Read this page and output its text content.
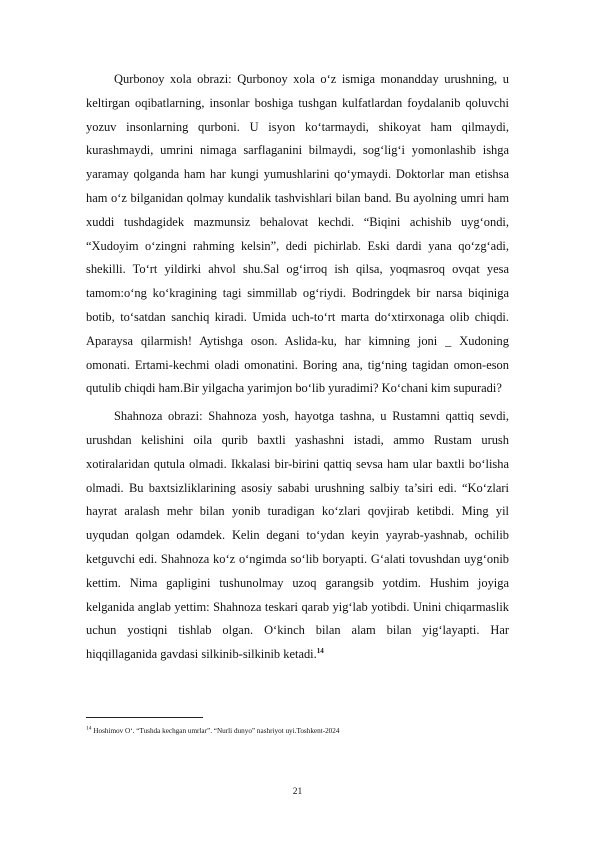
Qurbonoy xola obrazi: Qurbonoy xola o‘z ismiga monandday urushning, u keltirgan oqibatlarning, insonlar boshiga tushgan kulfatlardan foydalanib qoluvchi yozuv insonlarning qurboni. U isyon ko‘tarmaydi, shikoyat ham qilmaydi, kurashmaydi, umrini nimaga sarflaganini bilmaydi, sog‘lig‘i yomonlashib ishga yaramay qolganda ham har kungi yumushlarini qo‘ymaydi. Doktorlar man etishsa ham o‘z bilganidan qolmay kundalik tashvishlari bilan band. Bu ayolning umri ham xuddi tushdagidek mazmunsiz behalovat kechdi. “Biqini achishib uyg‘ondi, “Xudoyim o‘zingni rahming kelsin”, dedi pichirlab. Eski dardi yana qo‘zg‘adi, shekilli. To‘rt yildirki ahvol shu.Sal og‘irroq ish qilsa, yoqmasroq ovqat yesa tamom:o‘ng ko‘kragining tagi simmillab og‘riydi. Bodringdek bir narsa biqiniga botib, to‘satdan sanchiq kiradi. Umida uch-to‘rt marta do‘xtirxonaga olib chiqdi. Aparaysa qilarmish! Aytishga oson. Aslida-ku, har kimning joni _ Xudoning omonati. Ertami-kechmi oladi omonatini. Boring ana, tig‘ning tagidan omon-eson qutulib chiqdi ham.Bir yilgacha yarimjon bo‘lib yuradimi? Ko‘chani kim supuradi?

Shahnoza obrazi: Shahnoza yosh, hayotga tashna, u Rustamni qattiq sevdi, urushdan kelishini oila qurib baxtli yashashni istadi, ammo Rustam urush xotiralaridan qutula olmadi. Ikkalasi bir-birini qattiq sevsa ham ular baxtli bo‘lisha olmadi. Bu baxtsizliklarining asosiy sababi urushning salbiy ta’siri edi. “Ko‘zlari hayrat aralash mehr bilan yonib turadigan ko‘zlari qovjirab ketibdi. Ming yil uyqudan qolgan odamdek. Kelin degani to‘ydan keyin yayrab-yashnab, ochilib ketguvchi edi. Shahnoza ko‘z o‘ngimda so‘lib boryapti. G‘alati tovushdan uyg‘onib kettim. Nima gapligini tushunolmay uzoq garangsib yotdim. Hushim joyiga kelganida anglab yettim: Shahnoza teskari qarab yig‘lab yotibdi. Unini chiqarmaslik uchun yostiqni tishlab olgan. O‘kinch bilan alam bilan yig‘layapti. Har hiqqillaganida gavdasi silkinib-silkinib ketadi.$^{14}$

$^{14}$ Hoshimov O‘. “Tushda kechgan umrlar”. “Nurli dunyo” nashriyot uyi.Toshkent-2024
21
